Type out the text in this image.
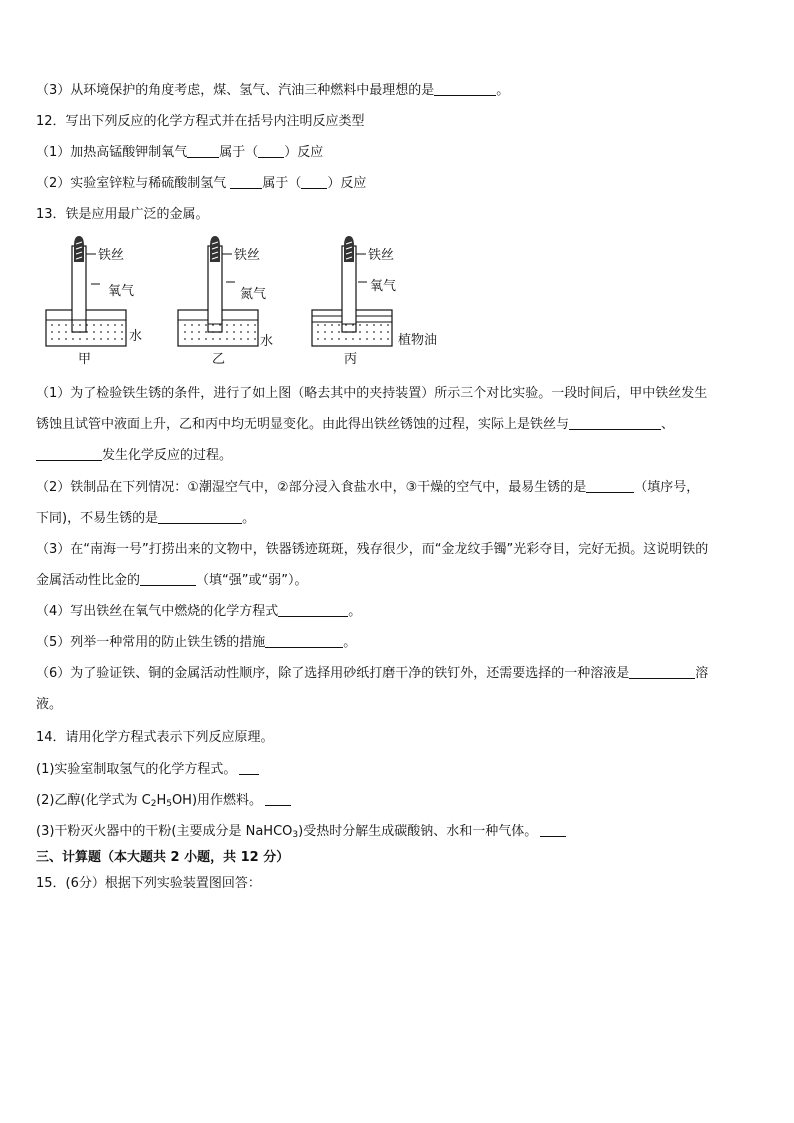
（3）从环境保护的角度考虑，煤、氢气、汽油三种燃料中最理想的是	。
12．写出下列反应的化学方程式并在括号内注明反应类型
（1）加热高锰酸钾制氧气 属于（ ）反应
（2）实验室锌粒与稀硫酸制氢气 属于（ ）反应
13．铁是应用最广泛的金属。
铁丝
氧气
水
甲
铁丝
氮气
水
乙
铁丝
氧气
植物油
丙
（1）为了检验铁生锈的条件，进行了如上图（略去其中的夹持装置）所示三个对比实验。一段时间后，甲中铁丝发生
锈蚀且试管中液面上升，乙和丙中均无明显变化。由此得出铁丝锈蚀的过程，实际上是铁丝与	、
发生化学反应的过程。
（2）铁制品在下列情况：①潮湿空气中，②部分浸入食盐水中，③干燥的空气中，最易生锈的是	（填序号，
下同)，不易生锈的是	。
（3）在“南海一号”打捞出来的文物中，铁器锈迹斑斑，残存很少，而“金龙纹手镯”光彩夺目，完好无损。这说明铁的
金属活动性比金的	（填“强”或“弱”）。
（4）写出铁丝在氧气中燃烧的化学方程式	。
（5）列举一种常用的防止铁生锈的措施	。
（6）为了验证铁、铜的金属活动性顺序，除了选择用砂纸打磨干净的铁钉外，还需要选择的一种溶液是	溶
液。
14．请用化学方程式表示下列反应原理。
(1)实验室制取氢气的化学方程式。
(2)乙醇(化学式为 $C_2H_5OH$)用作燃料。
(3)干粉灭火器中的干粉(主要成分是 NaHCO$_3$)受热时分解生成碳酸钠、水和一种气体。
三、计算题（本大题共 2 小题，共 12 分）
15．(6分）根据下列实验装置图回答：
